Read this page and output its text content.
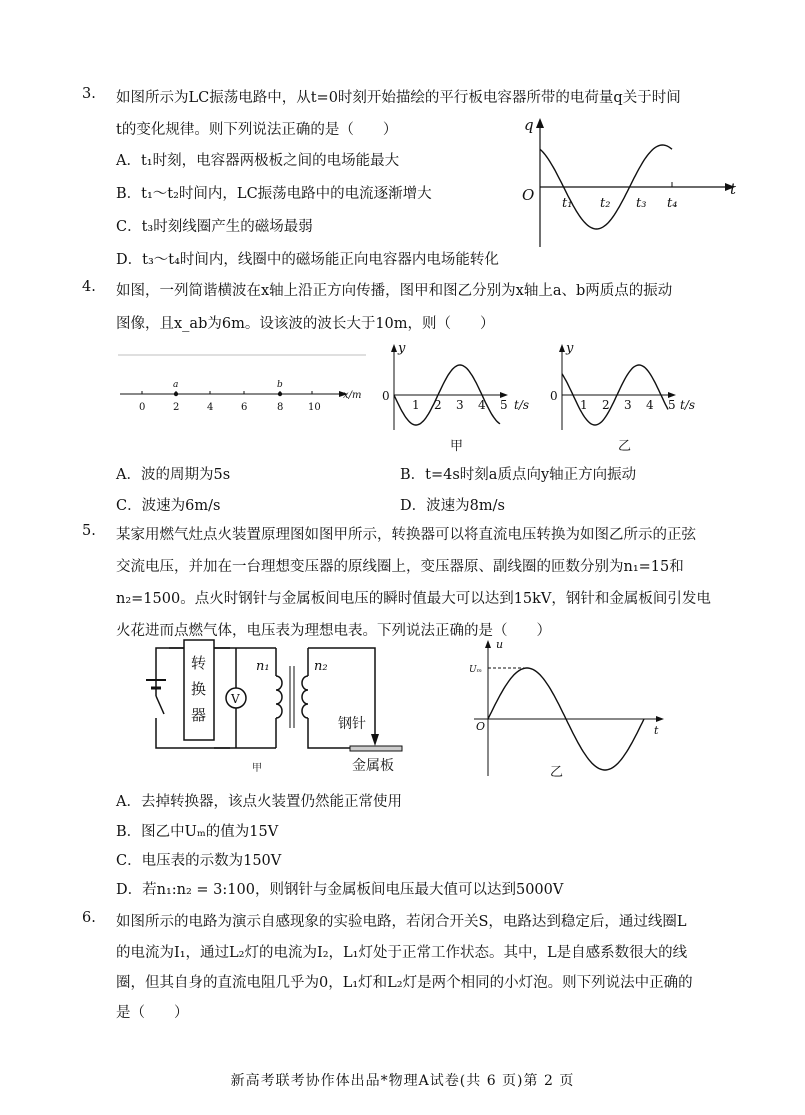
3. 如图所示为LC振荡电路中，从t=0时刻开始描绘的平行板电容器所带的电荷量q关于时间
t的变化规律。则下列说法正确的是（　　）
A．t₁时刻，电容器两极板之间的电场能最大
B．t₁～t₂时间内，LC振荡电路中的电流逐渐增大
C．t₃时刻线圈产生的磁场最弱
D．t₃～t₄时间内，线圈中的磁场能正向电容器内电场能转化
q
t
O t₁ t₂ t₃ t₄
4. 如图，一列简谐横波在x轴上沿正方向传播，图甲和图乙分别为x轴上a、b两质点的振动
图像，且x_ab为6m。设该波的波长大于10m，则（　　）
a	b
0	2	4	6	8 10
x/m
y
0
1 2 3 4 5
甲
t/s
y
0
1 2 3 4 5
乙
t/s
A．波的周期为5s	B．t=4s时刻a质点向y轴正方向振动
C．波速为6m/s	D．波速为8m/s
5. 某家用燃气灶点火装置原理图如图甲所示，转换器可以将直流电压转换为如图乙所示的正弦
交流电压，并加在一台理想变压器的原线圈上，变压器原、副线圈的匝数分别为n₁=15和
n₂=1500。点火时钢针与金属板间电压的瞬时值最大可以达到15kV，钢针和金属板间引发电
火花进而点燃气体，电压表为理想电表。下列说法正确的是（　　）
转
换
器
V
n₁	n₂
钢针
金属板
甲
u
Uₘ
O	t
乙
A．去掉转换器，该点火装置仍然能正常使用
B．图乙中Uₘ的值为15V
C．电压表的示数为150V
D．若n₁:n₂ = 3:100，则钢针与金属板间电压最大值可以达到5000V
6. 如图所示的电路为演示自感现象的实验电路，若闭合开关S，电路达到稳定后，通过线圈L
的电流为I₁，通过L₂灯的电流为I₂，L₁灯处于正常工作状态。其中，L是自感系数很大的线
圈，但其自身的直流电阻几乎为0，L₁灯和L₂灯是两个相同的小灯泡。则下列说法中正确的
是（　　）
新高考联考协作体出品*物理A试卷(共 6 页)第 2 页
